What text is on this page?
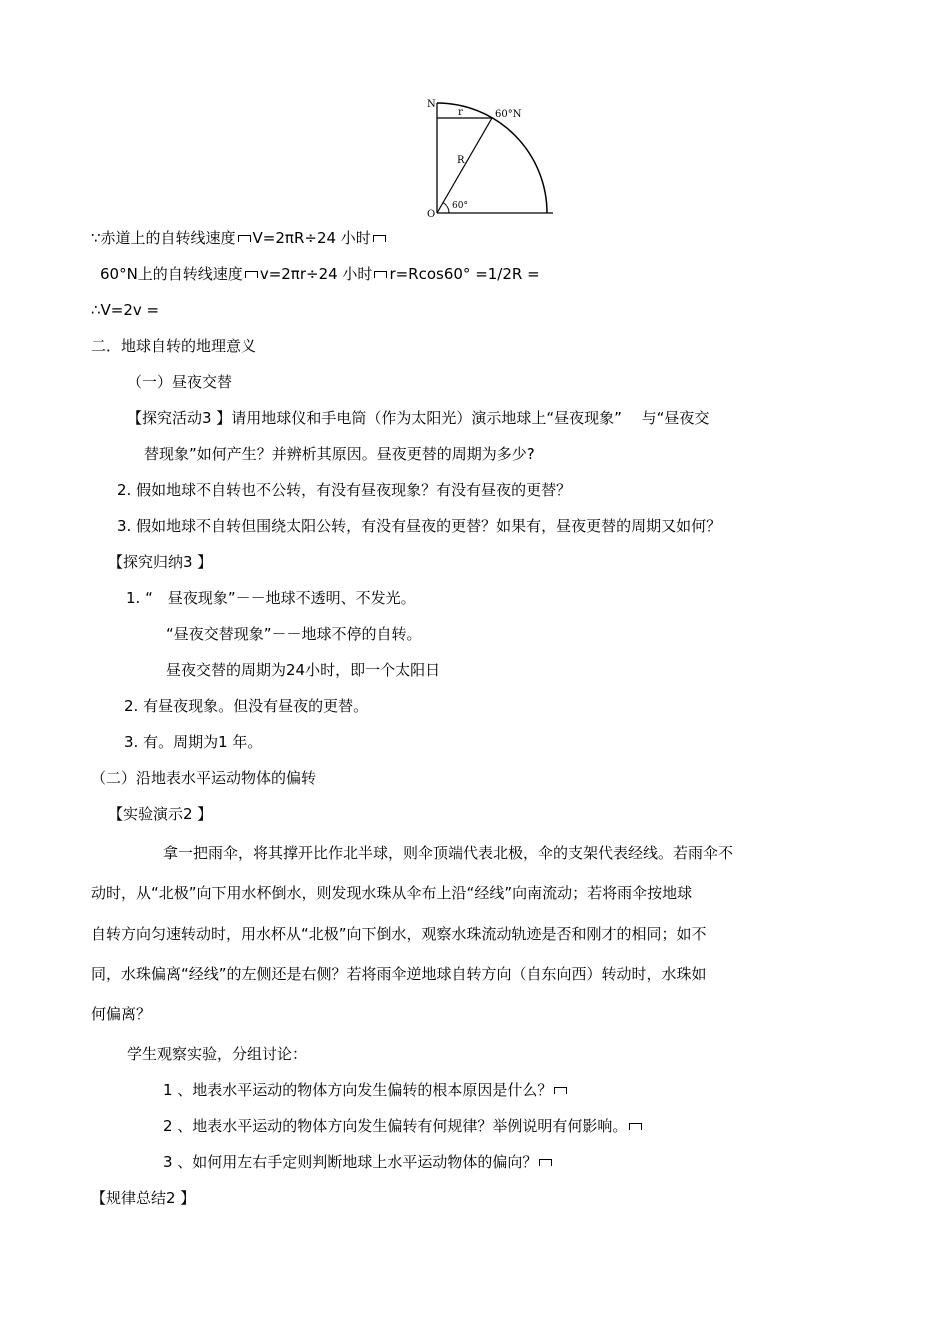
N
r	60°N
R
O
60°
∵赤道上的自转线速度 V=2πR÷24 小时
60°N上的自转线速度 v=2πr÷24 小时 r=Rcos60° =1/2R =
∴V=2v =
二．地球自转的地理意义
（一）昼夜交替
【探究活动3 】请用地球仪和手电筒（作为太阳光）演示地球上“昼夜现象”　 与“昼夜交
替现象”如何产生？并辨析其原因。昼夜更替的周期为多少?
2. 假如地球不自转也不公转，有没有昼夜现象？有没有昼夜的更替？
3. 假如地球不自转但围绕太阳公转，有没有昼夜的更替？如果有，昼夜更替的周期又如何？
【探究归纳3 】
1. “　昼夜现象”－－地球不透明、不发光。
“昼夜交替现象”－－地球不停的自转。
昼夜交替的周期为24小时，即一个太阳日
2. 有昼夜现象。但没有昼夜的更替。
3. 有。周期为1 年。
（二）沿地表水平运动物体的偏转
【实验演示2 】
拿一把雨伞，将其撑开比作北半球，则伞顶端代表北极，伞的支架代表经线。若雨伞不
动时，从“北极”向下用水杯倒水，则发现水珠从伞布上沿“经线”向南流动；若将雨伞按地球
自转方向匀速转动时，用水杯从“北极”向下倒水，观察水珠流动轨迹是否和刚才的相同；如不
同，水珠偏离“经线”的左侧还是右侧？若将雨伞逆地球自转方向（自东向西）转动时，水珠如
何偏离？
学生观察实验，分组讨论：
1 、地表水平运动的物体方向发生偏转的根本原因是什么？
2 、地表水平运动的物体方向发生偏转有何规律？举例说明有何影响。
3 、如何用左右手定则判断地球上水平运动物体的偏向？
【规律总结2 】
